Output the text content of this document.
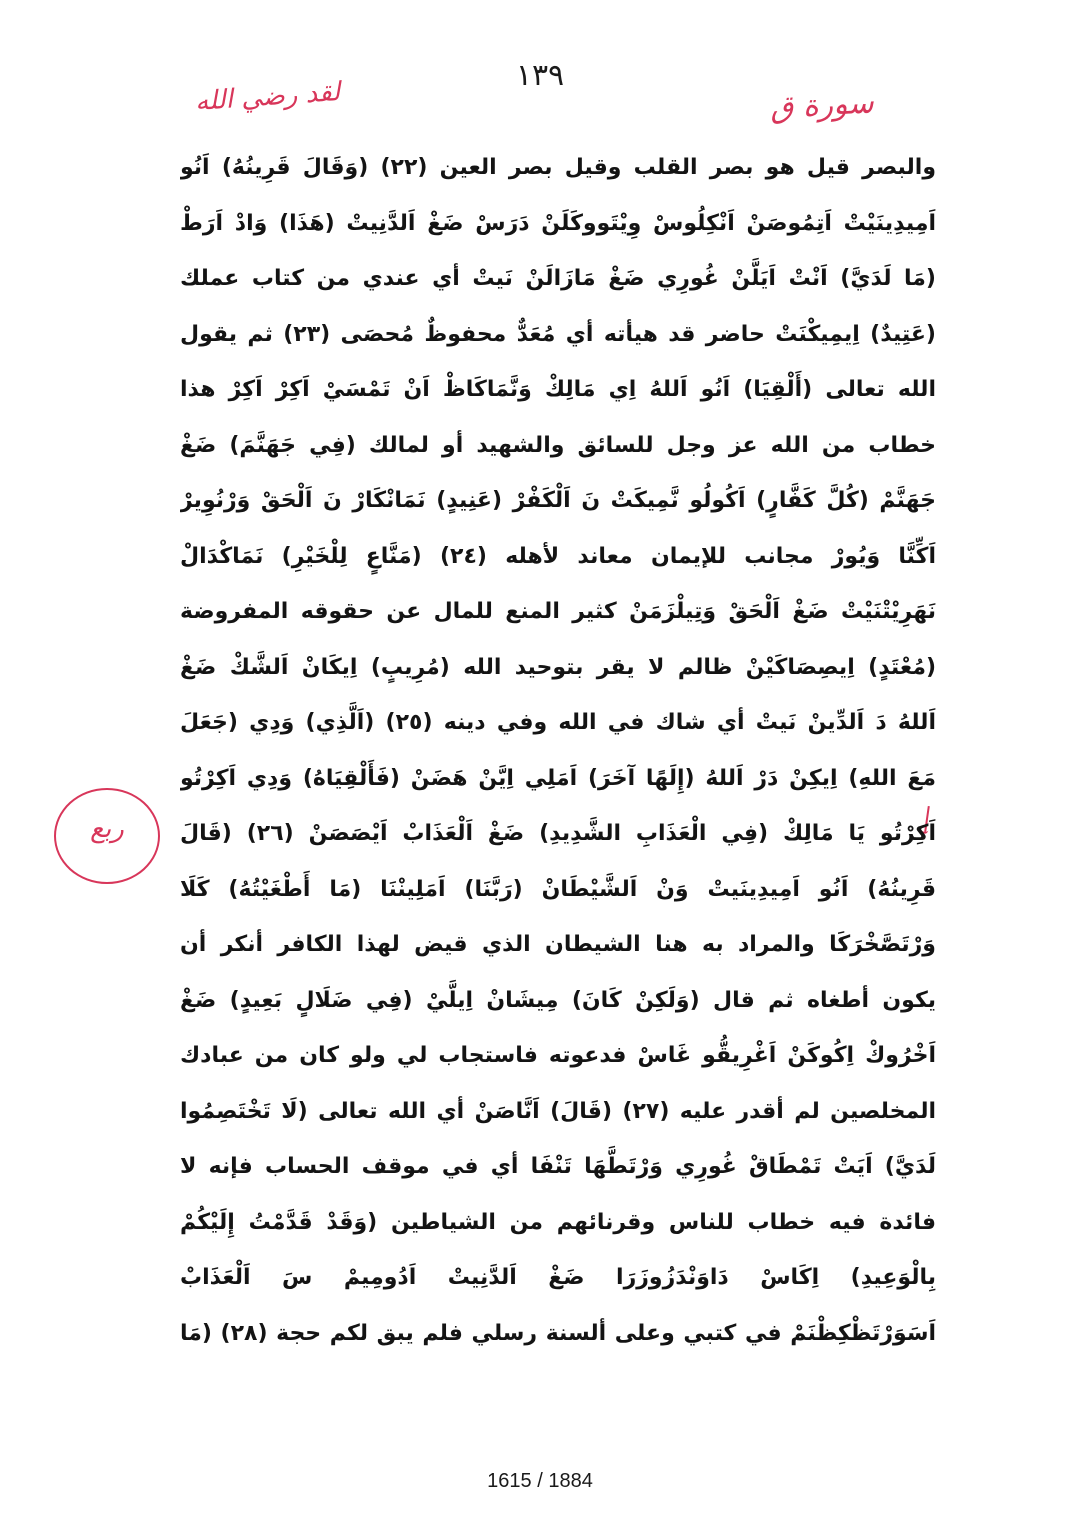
١٣٩
لقد رضي الله	سورة ق
ربع
والبصر قيل هو بصر القلب وقيل بصر العين (٢٢) (وَقَالَ قَرِينُهُ) اَنُو
اَمِيدِينَيْتْ اَتِمُوصَنْ اَنْكِلُوسْ وِيْتَووكَلَنْ دَرَسْ ضَغْ اَلدَّنِيتْ (هَذَا) وَادْ اَرَطْ
(مَا لَدَيَّ) اَنْتْ اَيَلَّنْ غُورِي ضَغْ مَازَالَنْ نَيتْ أي عندي من كتاب عملك
(عَتِيدٌ) اِيمِيكْنَتْ حاضر قد هيأته أي مُعَدٌّ محفوظٌ مُحصَى (٢٣) ثم يقول
الله تعالى (أَلْقِيَا) اَنُو اَللهُ اِي مَالِكْ وَنَّمَاكَاظْ اَنْ تَمْسَيْ اَكِرْ اَكِرْ هذا
خطاب من الله عز وجل للسائق والشهيد أو لمالك (فِي جَهَنَّمَ) ضَغْ
جَهَنَّمْ (كُلَّ كَفَّارٍ) اَكُولُو نَّمِيكَتْ نَ اَلْكَفْرْ (عَنِيدٍ) نَمَانْكَارْ نَ اَلْحَقْ وَرْنُوِيرْ
اَكِّنَّا وَيُورْ مجانب للإيمان معاند لأهله (٢٤) (مَنَّاعٍ لِلْخَيْرِ) نَمَاكْدَالْ
نَهَرِيْتْنَيْتْ ضَغْ اَلْحَقْ وَتِيلْزَمَنْ كثير المنع للمال عن حقوقه المفروضة
(مُعْتَدٍ) اِيصِصَاكَيْنْ ظالم لا يقر بتوحيد الله (مُرِيبٍ) اِيكَانْ اَلشَّكْ ضَغْ
اَللهُ دَ اَلدِّينْ نَيتْ أي شاك في الله وفي دينه (٢٥) (اَلَّذِي) وَدِي (جَعَلَ
مَعَ اللهِ) اِيكِنْ دَرْ اَللهُ (إِلَهًا آخَرَ) اَمَلِي اِيَّنْ هَضَنْ (فَأَلْقِيَاهُ) وَدِي اَكِرْتُو
اَكِرْتُو يَا مَالِكْ (فِي الْعَذَابِ الشَّدِيدِ) ضَغْ اَلْعَذَابْ اَيْصَصَنْ (٢٦) (قَالَ
قَرِينُهُ) اَنُو اَمِيدِينَيتْ وَنْ اَلشَّيْطَانْ (رَبَّنَا) اَمَلِينْنَا (مَا أَطْغَيْتُهُ) كَلَا
وَرْتَصَّخْرَكَا والمراد به هنا الشيطان الذي قيض لهذا الكافر أنكر أن
يكون أطغاه ثم قال (وَلَكِنْ كَانَ) مِيشَانْ اِيلَّيْ (فِي ضَلَالٍ بَعِيدٍ) ضَغْ
اَخْرُوكْ اِكُوكَنْ اَغْرِيقُّو غَاسْ فدعوته فاستجاب لي ولو كان من عبادك
المخلصين لم أقدر عليه (٢٧) (قَالَ) اَنَّاصَنْ أي الله تعالى (لَا تَخْتَصِمُوا
لَدَيَّ) اَيَتْ تَمْطَاقْ غُورِي وَرْتَطَّهَا تَنْفَا أي في موقف الحساب فإنه لا
فائدة فيه خطاب للناس وقرنائهم من الشياطين (وَقَدْ قَدَّمْتُ إِلَيْكُمْ
بِالْوَعِيدِ) اِكَاسْ دَاوَنْدَزُوزَرَا ضَغْ اَلدَّنِيتْ اَدُومِيمْ سَ اَلْعَذَابْ
اَسَوَرْتَظْكِظْنَمْ في كتبي وعلى ألسنة رسلي فلم يبق لكم حجة (٢٨) (مَا
1615 / 1884
